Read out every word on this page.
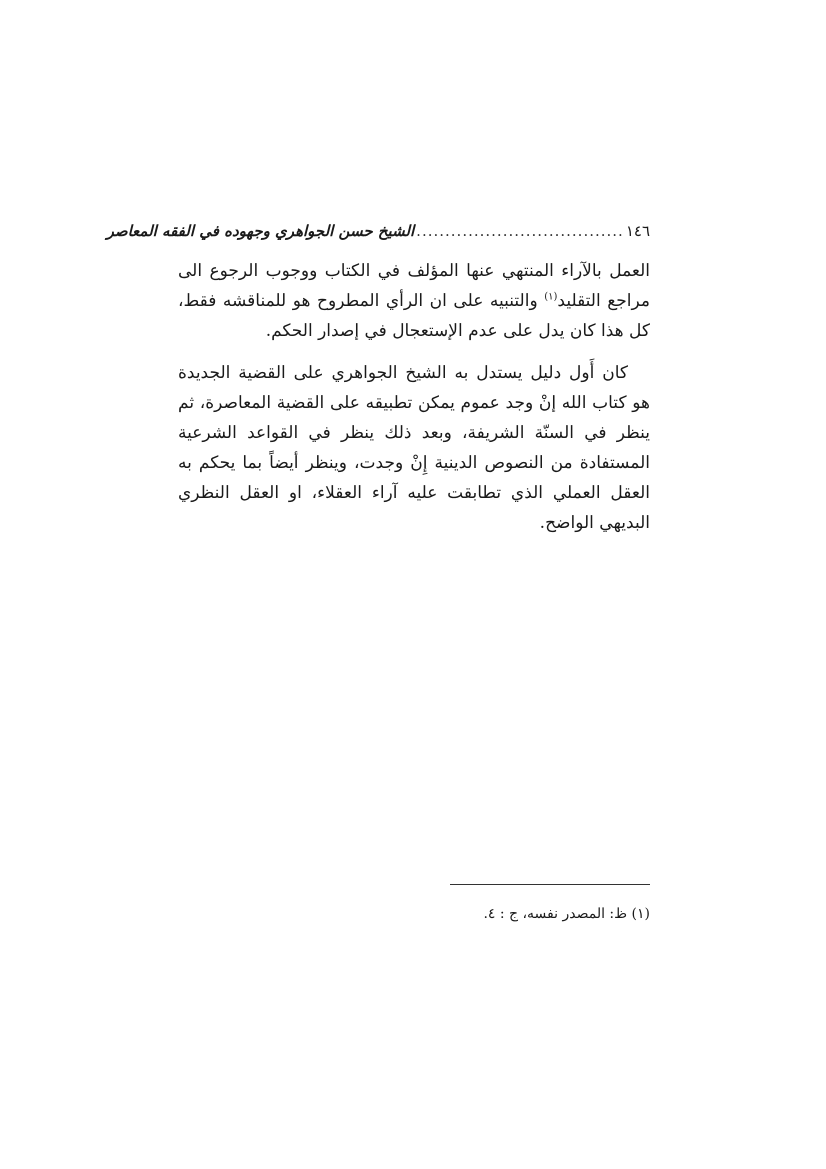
١٤٦
....................................
الشيخ حسن الجواهري وجهوده في الفقه المعاصر

العمل بالآراء المنتهي عنها المؤلف في الكتاب ووجوب الرجوع الى مراجع التقليد$^{(١)}$ والتنبيه على ان الرأي المطروح هو للمناقشه فقط، كل هذا كان يدل على عدم الإستعجال في إصدار الحكم.

كان أَول دليل يستدل به الشيخ الجواهري على القضية الجديدة هو كتاب الله إنْ وجد عموم يمكن تطبيقه على القضية المعاصرة، ثم ينظر في السنّة الشريفة، وبعد ذلك ينظر في القواعد الشرعية المستفادة من النصوص الدينية إِنْ وجدت، وينظر أيضاً بما يحكم به العقل العملي الذي تطابقت عليه آراء العقلاء، او العقل النظري البديهي الواضح.

(١) ظ: المصدر نفسه، ج : ٤.
